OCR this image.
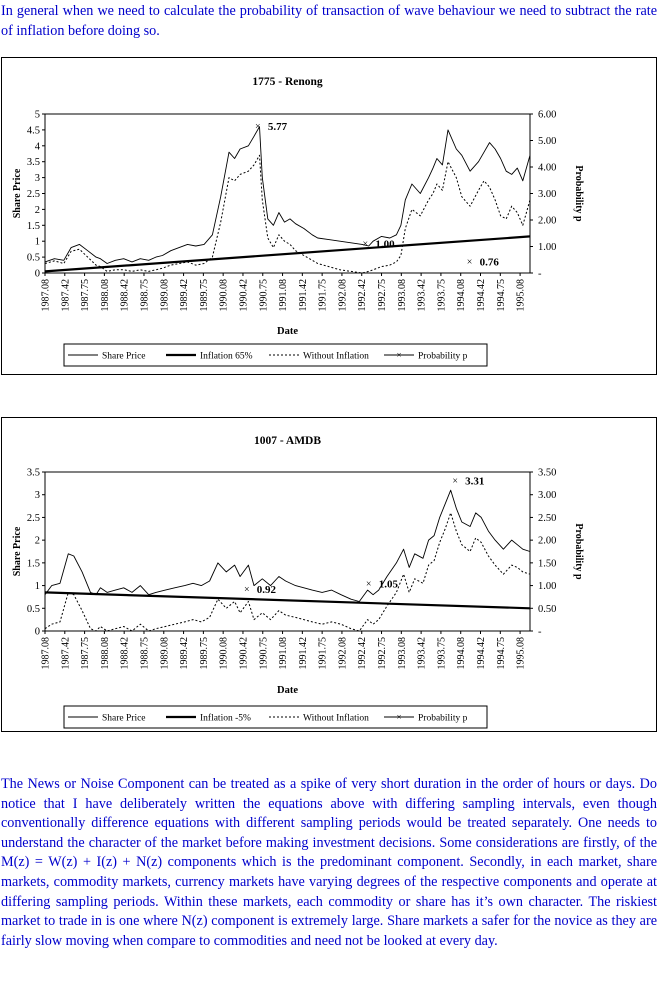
In general when we need to calculate the probability of transaction of wave behaviour we need to subtract the rate of inflation before doing so.

1775 - Renong
0
0.5
1
1.5
2
2.5
3
3.5
4
4.5
5
-
1.00
2.00
3.00
4.00
5.00
6.00
Share Price	Probability p
1987.08 1987.42 1987.75 1988.08 1988.42 1988.75 1989.08 1989.42 1989.75 1990.08 1990.42 1990.75 1991.08 1991.42 1991.75 1992.08 1992.42 1992.75 1993.08 1993.42 1993.75 1994.08 1994.42 1994.75 1995.08
Date
× 5.77
× 1.00
× 0.76
Share Price	Inflation 65%	Without Inflation	× Probability p
1007 - AMDB
0
0.5
1
1.5
2
2.5
3
3.5
-
0.50
1.00
1.50
2.00
2.50
3.00
3.50
Share Price	Probability p
1987.08 1987.42 1987.75 1988.08 1988.42 1988.75 1989.08 1989.42 1989.75 1990.08 1990.42 1990.75 1991.08 1991.42 1991.75 1992.08 1992.42 1992.75 1993.08 1993.42 1993.75 1994.08 1994.42 1994.75 1995.08
Date
× 0.92	× 1.05
× 3.31
Share Price	Inflation -5%	Without Inflation	× Probability p

The News or Noise Component can be treated as a spike of very short duration in the order of hours or days. Do notice that I have deliberately written the equations above with differing sampling intervals, even though conventionally difference equations with different sampling periods would be treated separately. One needs to understand the character of the market before making investment decisions. Some considerations are firstly, of the M(z) = W(z) + I(z) + N(z) components which is the predominant component. Secondly, in each market, share markets, commodity markets, currency markets have varying degrees of the respective components and operate at differing sampling periods. Within these markets, each commodity or share has it’s own character. The riskiest market to trade in is one where N(z) component is extremely large. Share markets a safer for the novice as they are fairly slow moving when compare to commodities and need not be looked at every day.
